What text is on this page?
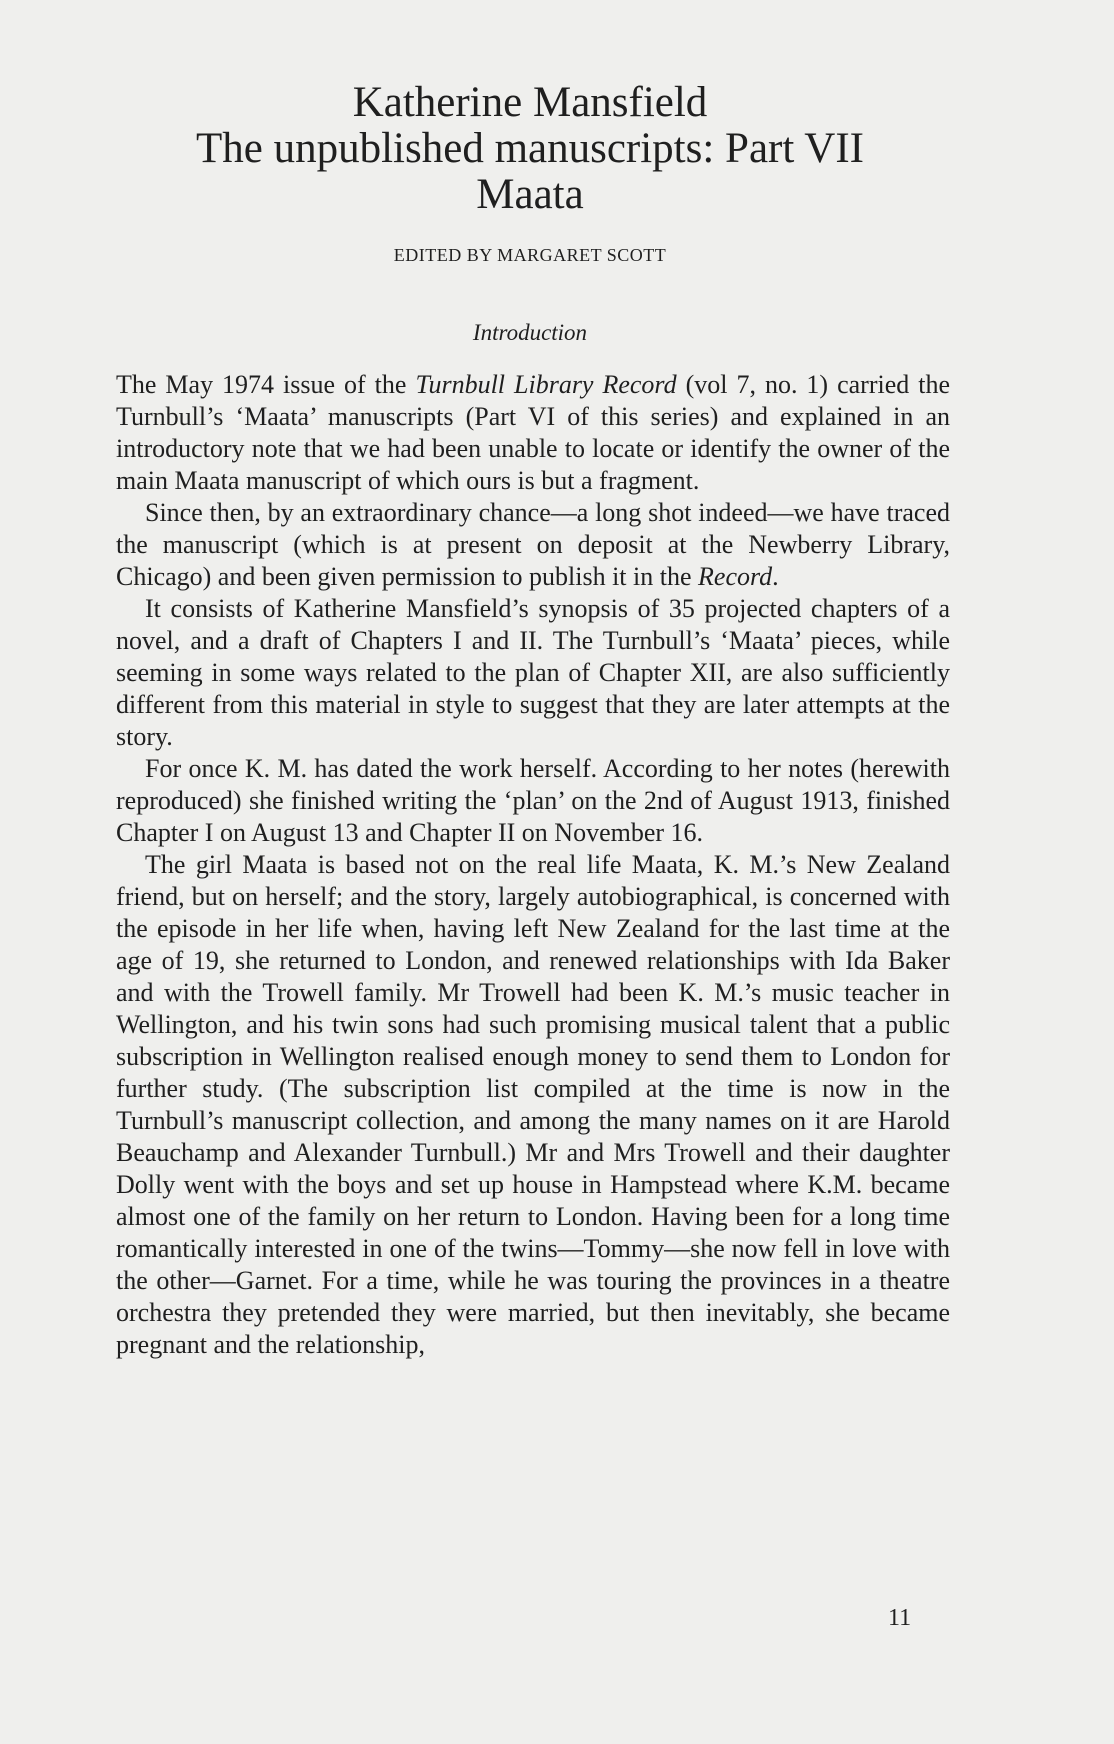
Katherine Mansfield
The unpublished manuscripts: Part VII
Maata
EDITED BY MARGARET SCOTT
Introduction

The May 1974 issue of the Turnbull Library Record (vol 7, no. 1) carried the Turnbull’s ‘Maata’ manuscripts (Part VI of this series) and explained in an introductory note that we had been unable to locate or identify the owner of the main Maata manuscript of which ours is but a fragment.

Since then, by an extraordinary chance—a long shot indeed—we have traced the manuscript (which is at present on deposit at the Newberry Library, Chicago) and been given permission to publish it in the Record.

It consists of Katherine Mansfield’s synopsis of 35 projected chapters of a novel, and a draft of Chapters I and II. The Turnbull’s ‘Maata’ pieces, while seeming in some ways related to the plan of Chapter XII, are also sufficiently different from this material in style to suggest that they are later attempts at the story.

For once K. M. has dated the work herself. According to her notes (herewith reproduced) she finished writing the ‘plan’ on the 2nd of August 1913, finished Chapter I on August 13 and Chapter II on November 16.

The girl Maata is based not on the real life Maata, K. M.’s New Zealand friend, but on herself; and the story, largely autobiographical, is concerned with the episode in her life when, having left New Zealand for the last time at the age of 19, she returned to London, and renewed relationships with Ida Baker and with the Trowell family. Mr Trowell had been K. M.’s music teacher in Wellington, and his twin sons had such promising musical talent that a public subscription in Wellington realised enough money to send them to London for further study. (The subscription list compiled at the time is now in the Turnbull’s manuscript collection, and among the many names on it are Harold Beauchamp and Alexander Turnbull.) Mr and Mrs Trowell and their daughter Dolly went with the boys and set up house in Hampstead where K.M. became almost one of the family on her return to London. Having been for a long time romantically interested in one of the twins—Tommy—she now fell in love with the other—Garnet. For a time, while he was touring the provinces in a theatre orchestra they pretended they were married, but then inevitably, she became pregnant and the relationship,

11
